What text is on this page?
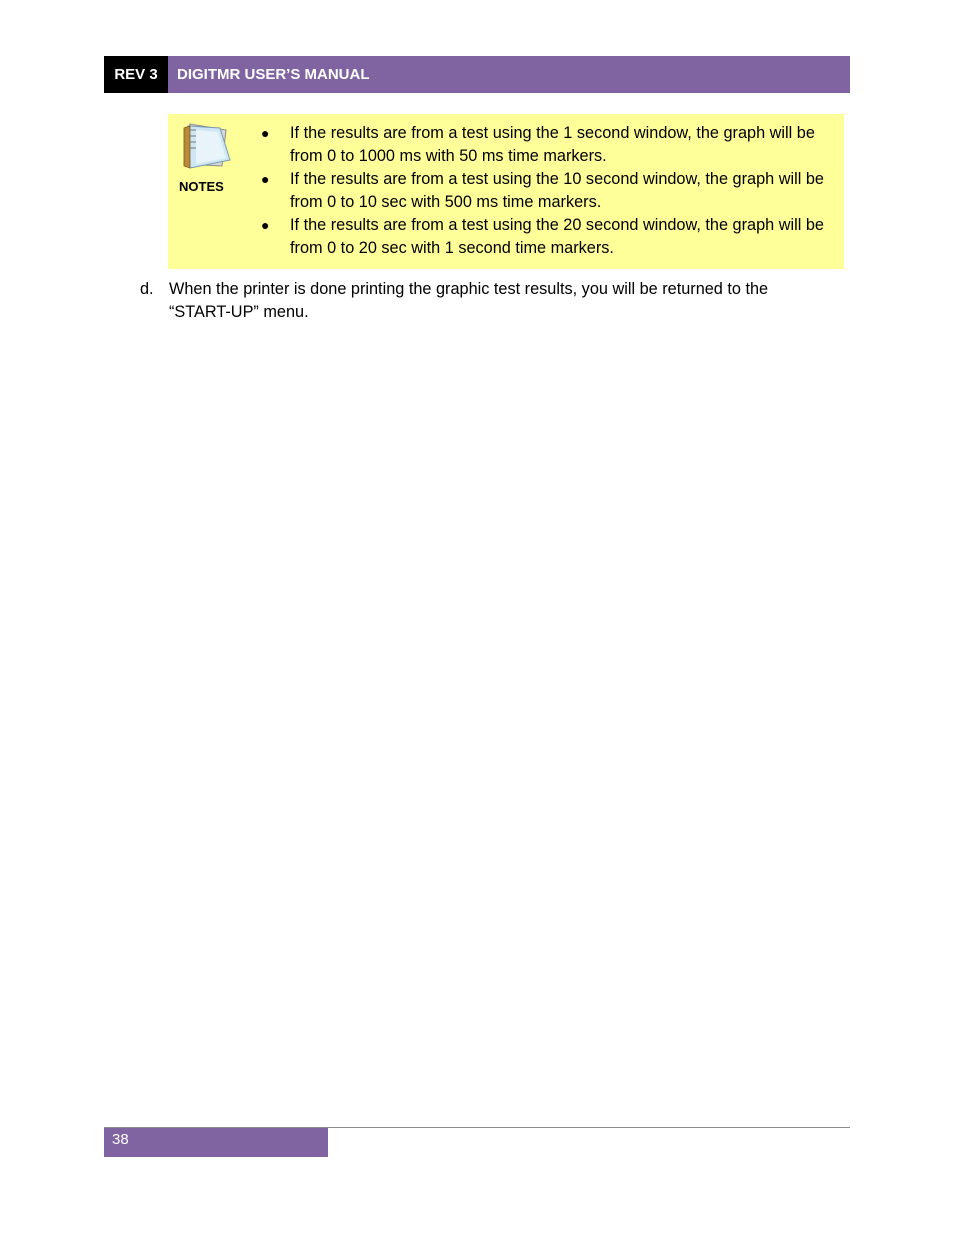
REV 3	DIGITMR USER’S MANUAL
NOTES
● If the results are from a test using the 1 second window, the graph will be from 0 to 1000 ms with 50 ms time markers.
● If the results are from a test using the 10 second window, the graph will be from 0 to 10 sec with 500 ms time markers.
● If the results are from a test using the 20 second window, the graph will be from 0 to 20 sec with 1 second time markers.
d. When the printer is done printing the graphic test results, you will be returned to the “START-UP” menu.
38
